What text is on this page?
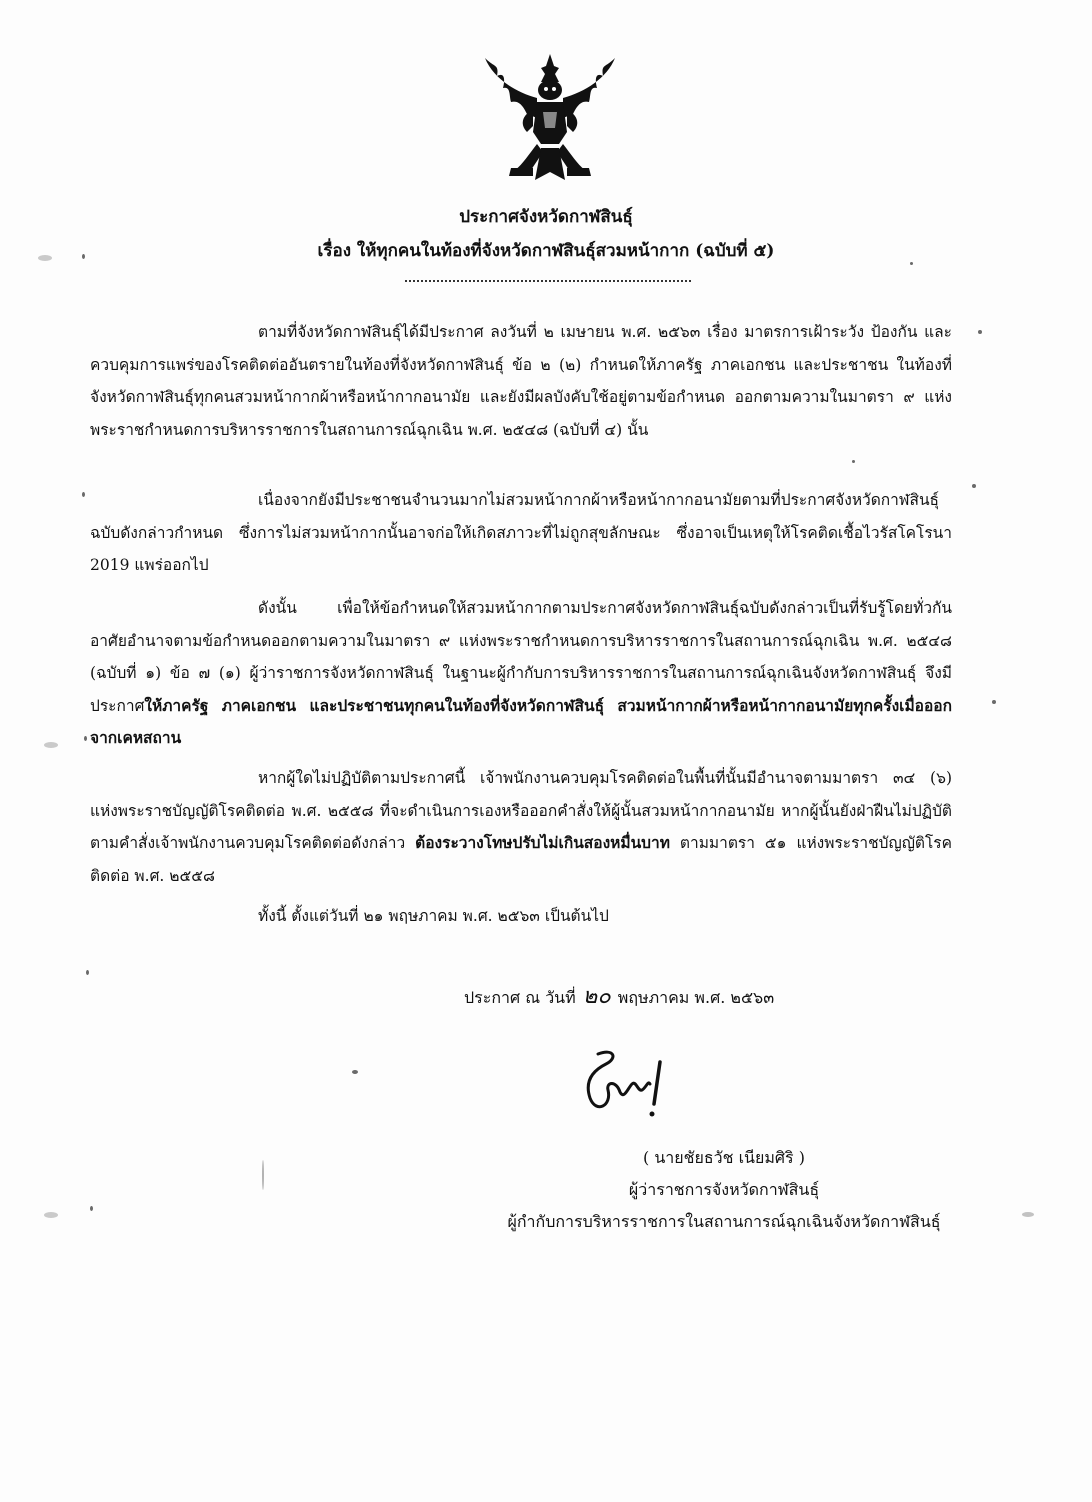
ประกาศจังหวัดกาฬสินธุ์
เรื่อง ให้ทุกคนในท้องที่จังหวัดกาฬสินธุ์สวมหน้ากาก (ฉบับที่ ๕)
ตามที่จังหวัดกาฬสินธุ์ได้มีประกาศ ลงวันที่ ๒ เมษายน พ.ศ. ๒๕๖๓ เรื่อง มาตรการเฝ้าระวัง ป้องกัน และควบคุมการแพร่ของโรคติดต่ออันตรายในท้องที่จังหวัดกาฬสินธุ์ ข้อ ๒ (๒) กำหนดให้ภาครัฐ ภาคเอกชน และประชาชน ในท้องที่จังหวัดกาฬสินธุ์ทุกคนสวมหน้ากากผ้าหรือหน้ากากอนามัย และยังมีผลบังคับใช้อยู่ตามข้อกำหนด ออกตามความในมาตรา ๙ แห่งพระราชกำหนดการบริหารราชการในสถานการณ์ฉุกเฉิน พ.ศ. ๒๕๔๘ (ฉบับที่ ๔) นั้น
เนื่องจากยังมีประชาชนจำนวนมากไม่สวมหน้ากากผ้าหรือหน้ากากอนามัยตามที่ประกาศจังหวัดกาฬสินธุ์ฉบับดังกล่าวกำหนด ซึ่งการไม่สวมหน้ากากนั้นอาจก่อให้เกิดสภาวะที่ไม่ถูกสุขลักษณะ ซึ่งอาจเป็นเหตุให้โรคติดเชื้อไวรัสโคโรนา 2019 แพร่ออกไป
ดังนั้น เพื่อให้ข้อกำหนดให้สวมหน้ากากตามประกาศจังหวัดกาฬสินธุ์ฉบับดังกล่าวเป็นที่รับรู้โดยทั่วกัน อาศัยอำนาจตามข้อกำหนดออกตามความในมาตรา ๙ แห่งพระราชกำหนดการบริหารราชการในสถานการณ์ฉุกเฉิน พ.ศ. ๒๕๔๘ (ฉบับที่ ๑) ข้อ ๗ (๑) ผู้ว่าราชการจังหวัดกาฬสินธุ์ ในฐานะผู้กำกับการบริหารราชการในสถานการณ์ฉุกเฉินจังหวัดกาฬสินธุ์ จึงมีประกาศให้ภาครัฐ ภาคเอกชน และประชาชนทุกคนในท้องที่จังหวัดกาฬสินธุ์ สวมหน้ากากผ้าหรือหน้ากากอนามัยทุกครั้งเมื่อออกจากเคหสถาน
หากผู้ใดไม่ปฏิบัติตามประกาศนี้ เจ้าพนักงานควบคุมโรคติดต่อในพื้นที่นั้นมีอำนาจตามมาตรา ๓๔ (๖) แห่งพระราชบัญญัติโรคติดต่อ พ.ศ. ๒๕๕๘ ที่จะดำเนินการเองหรือออกคำสั่งให้ผู้นั้นสวมหน้ากากอนามัย หากผู้นั้นยังฝ่าฝืนไม่ปฏิบัติตามคำสั่งเจ้าพนักงานควบคุมโรคติดต่อดังกล่าว ต้องระวางโทษปรับไม่เกินสองหมื่นบาท ตามมาตรา ๕๑ แห่งพระราชบัญญัติโรคติดต่อ พ.ศ. ๒๕๕๘
ทั้งนี้ ตั้งแต่วันที่ ๒๑ พฤษภาคม พ.ศ. ๒๕๖๓ เป็นต้นไป
ประกาศ ณ วันที่ ๒๐ พฤษภาคม พ.ศ. ๒๕๖๓
( นายชัยธวัช เนียมศิริ )
ผู้ว่าราชการจังหวัดกาฬสินธุ์
ผู้กำกับการบริหารราชการในสถานการณ์ฉุกเฉินจังหวัดกาฬสินธุ์
